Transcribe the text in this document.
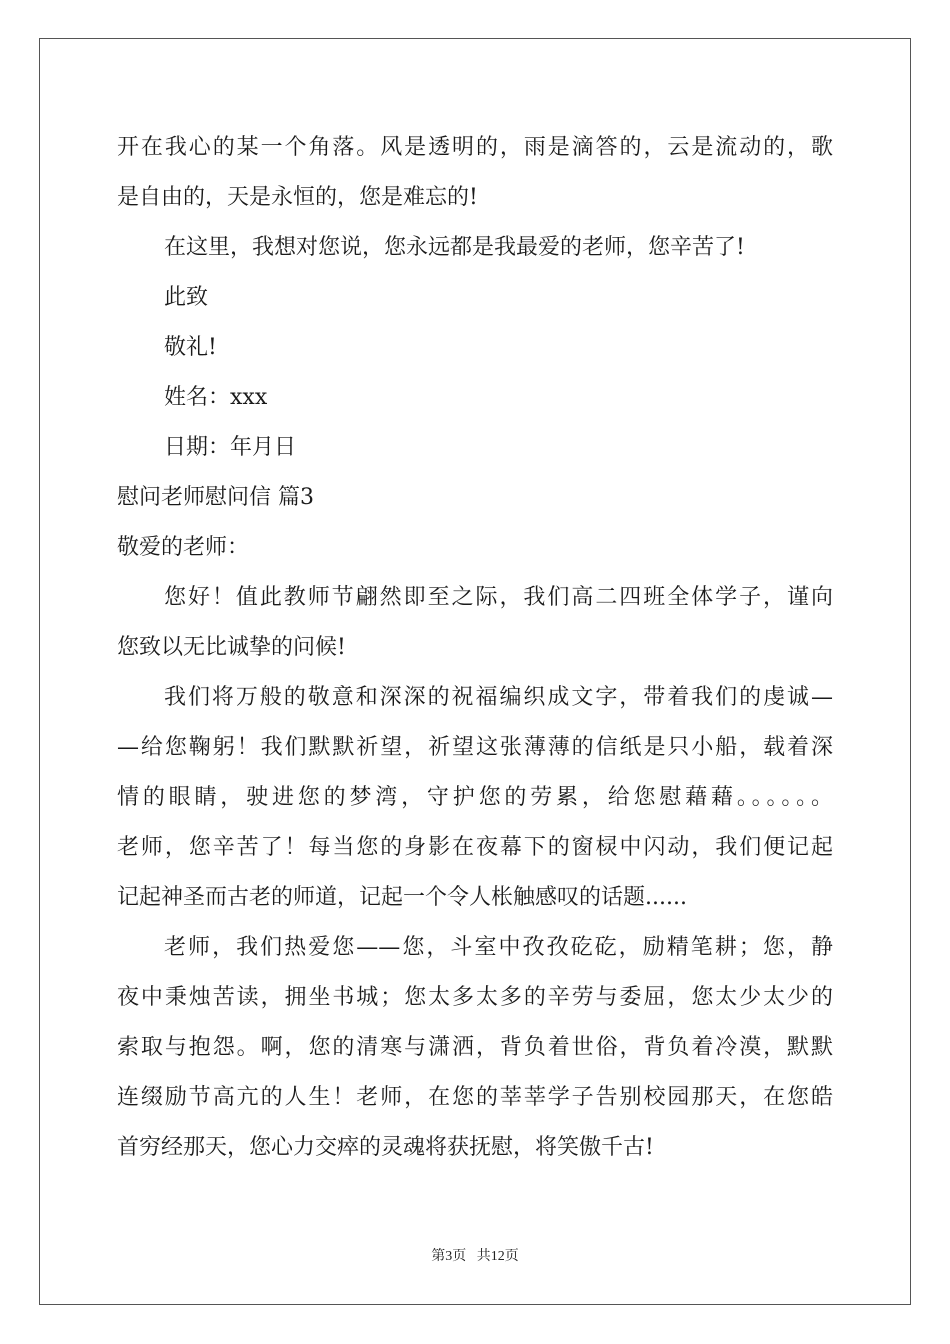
开在我心的某一个角落。风是透明的，雨是滴答的，云是流动的，歌
是自由的，天是永恒的，您是难忘的!
在这里，我想对您说，您永远都是我最爱的老师，您辛苦了!
此致
敬礼!
姓名：xxx
日期：年月日
慰问老师慰问信 篇3
敬爱的老师：
您好！值此教师节翩然即至之际，我们高二四班全体学子，谨向
您致以无比诚挚的问候!
我们将万般的敬意和深深的祝福编织成文字，带着我们的虔诚—
—给您鞠躬！我们默默祈望，祈望这张薄薄的信纸是只小船，载着深
情的眼睛，驶进您的梦湾，守护您的劳累，给您慰藉藉。。。。。。
老师，您辛苦了！每当您的身影在夜幕下的窗棂中闪动，我们便记起
记起神圣而古老的师道，记起一个令人枨触感叹的话题......
老师，我们热爱您——您，斗室中孜孜矻矻，励精笔耕；您，静
夜中秉烛苦读，拥坐书城；您太多太多的辛劳与委屈，您太少太少的
索取与抱怨。啊，您的清寒与潇洒，背负着世俗，背负着冷漠，默默
连缀励节高亢的人生！老师，在您的莘莘学子告别校园那天，在您皓
首穷经那天，您心力交瘁的灵魂将获抚慰，将笑傲千古!
第3页 共12页
